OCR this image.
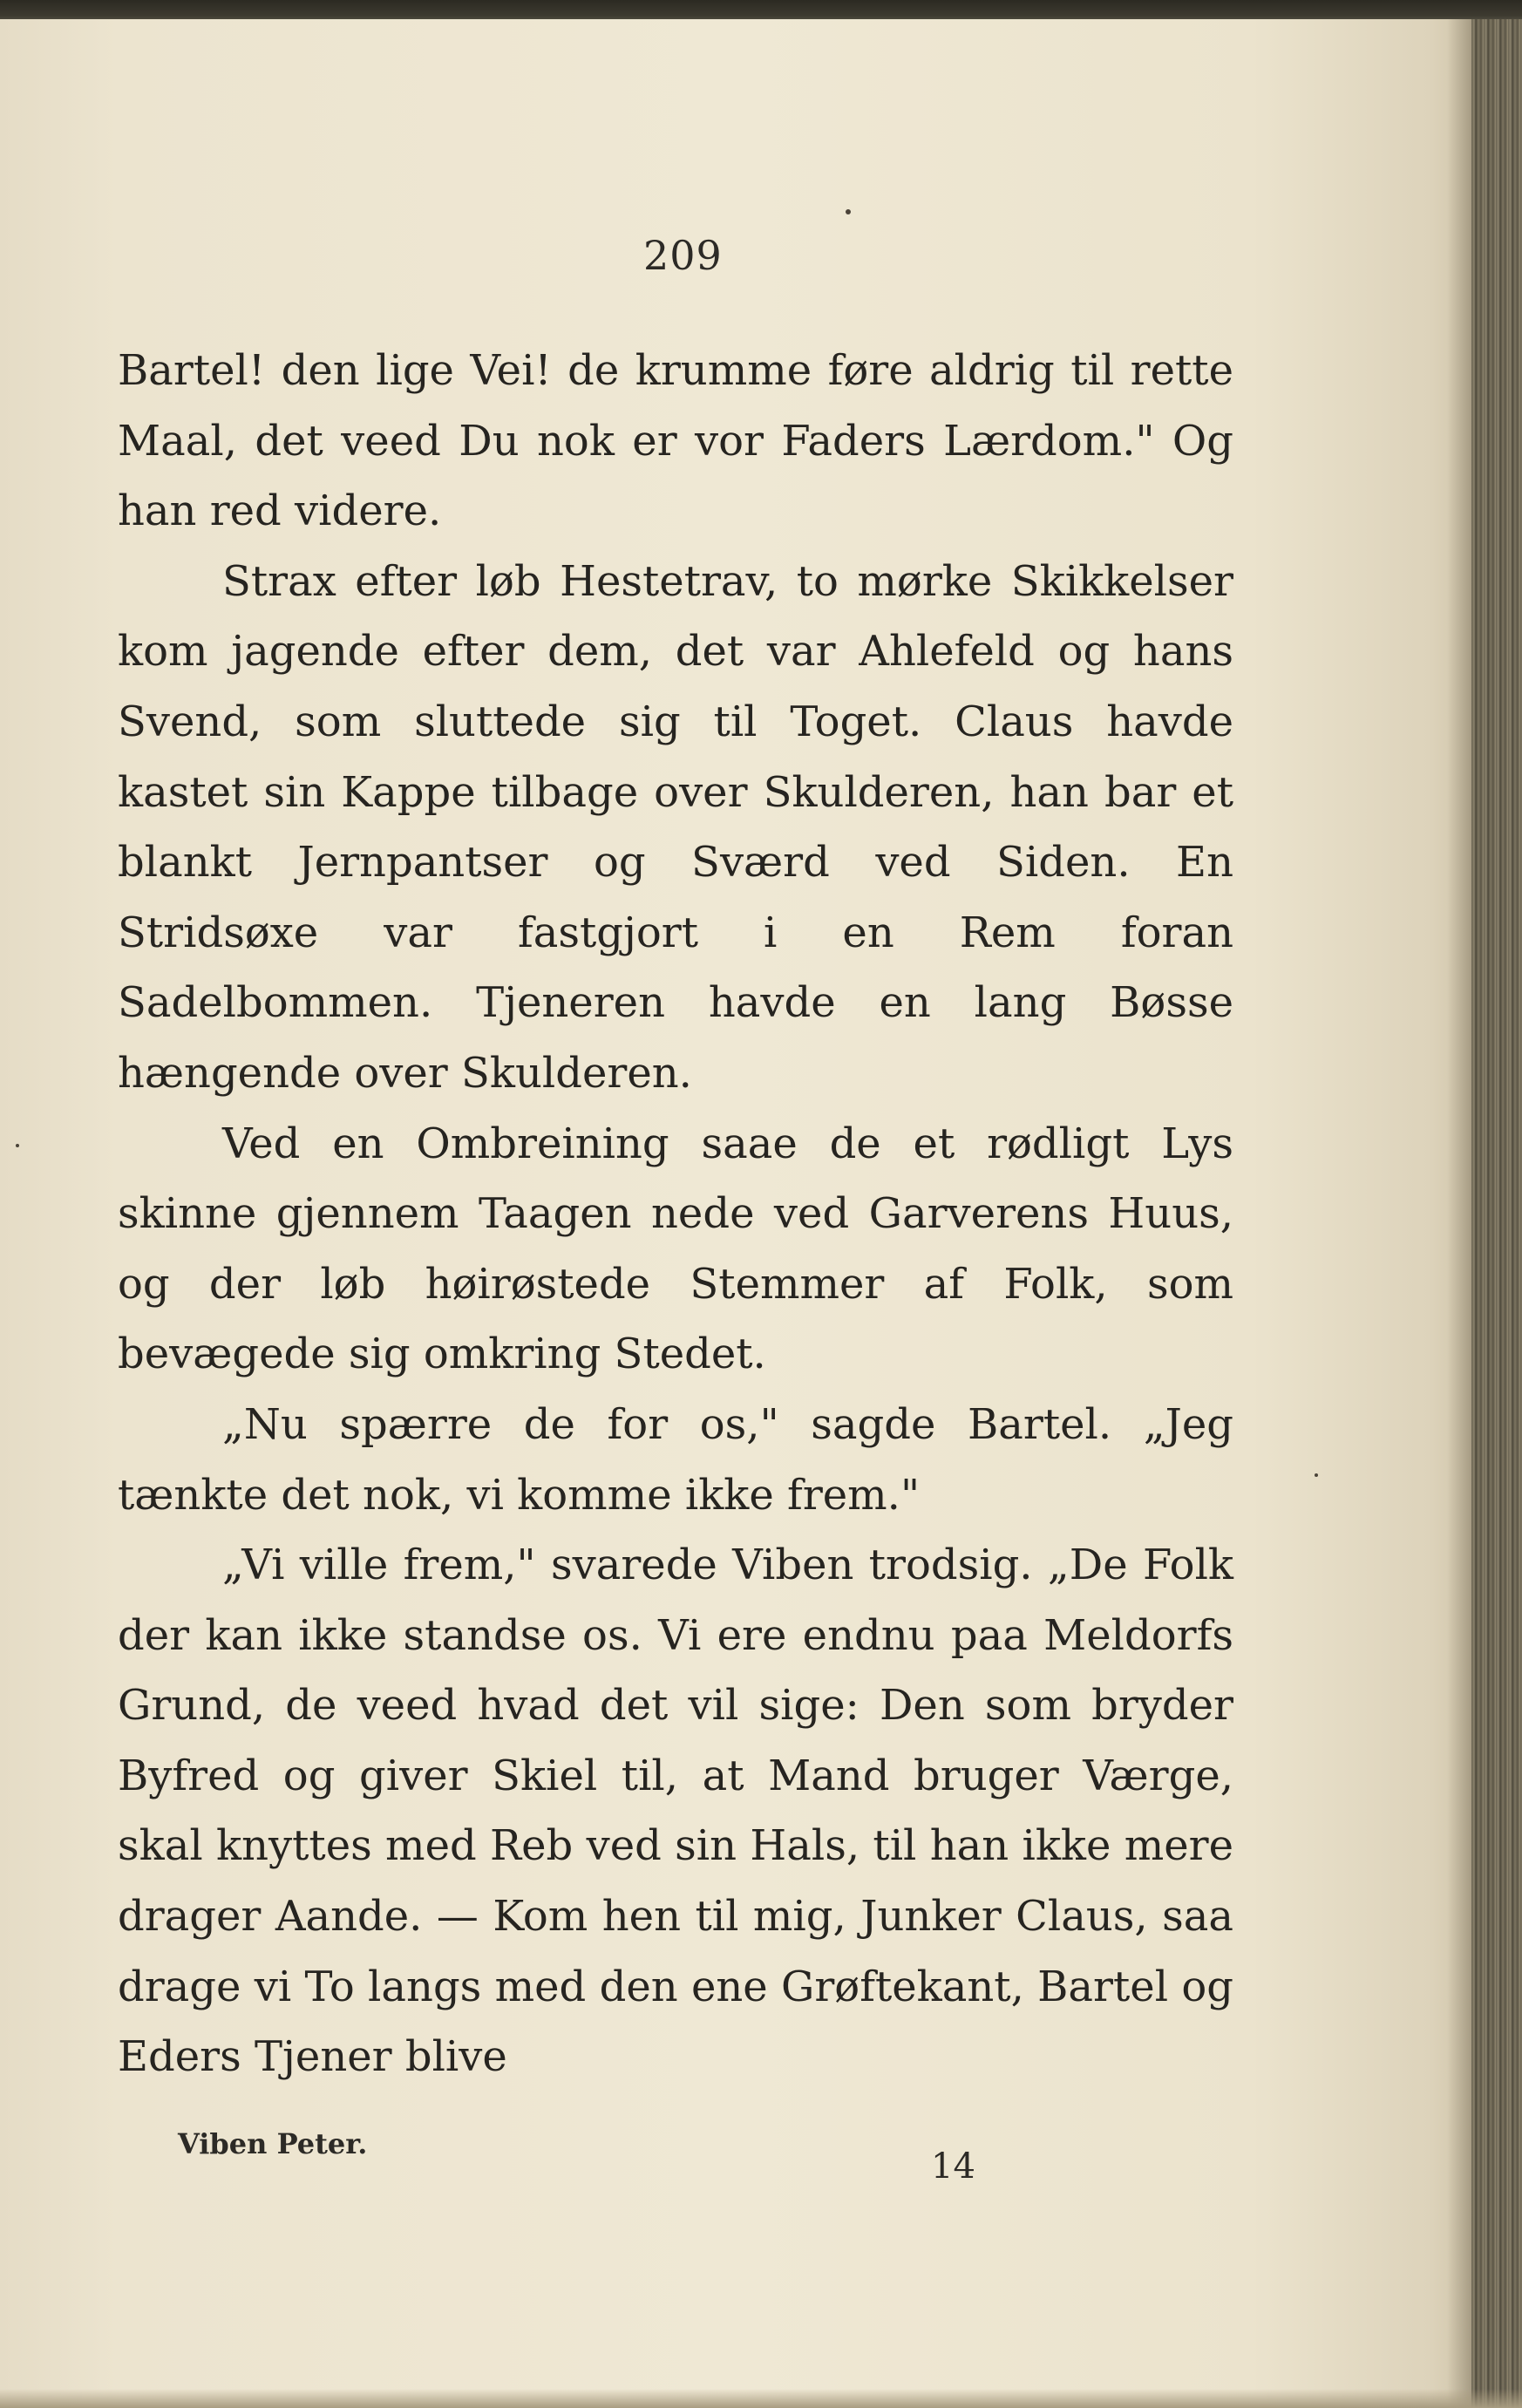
209

Bartel! den lige Vei! de krumme føre aldrig til rette Maal, det veed Du nok er vor Faders Lærdom." Og han red videre.

Strax efter løb Hestetrav, to mørke Skikkelser kom jagende efter dem, det var Ahlefeld og hans Svend, som sluttede sig til Toget. Claus havde kastet sin Kappe tilbage over Skulderen, han bar et blankt Jernpantser og Sværd ved Siden. En Stridsøxe var fastgjort i en Rem foran Sadelbommen. Tjeneren havde en lang Bøsse hængende over Skulderen.

Ved en Ombreining saae de et rødligt Lys skinne gjennem Taagen nede ved Garverens Huus, og der løb høirøstede Stemmer af Folk, som bevægede sig omkring Stedet.

„Nu spærre de for os," sagde Bartel. „Jeg tænkte det nok, vi komme ikke frem."

„Vi ville frem," svarede Viben trodsig. „De Folk der kan ikke standse os. Vi ere endnu paa Meldorfs Grund, de veed hvad det vil sige: Den som bryder Byfred og giver Skiel til, at Mand bruger Værge, skal knyttes med Reb ved sin Hals, til han ikke mere drager Aande. — Kom hen til mig, Junker Claus, saa drage vi To langs med den ene Grøftekant, Bartel og Eders Tjener blive

Viben Peter.
14
